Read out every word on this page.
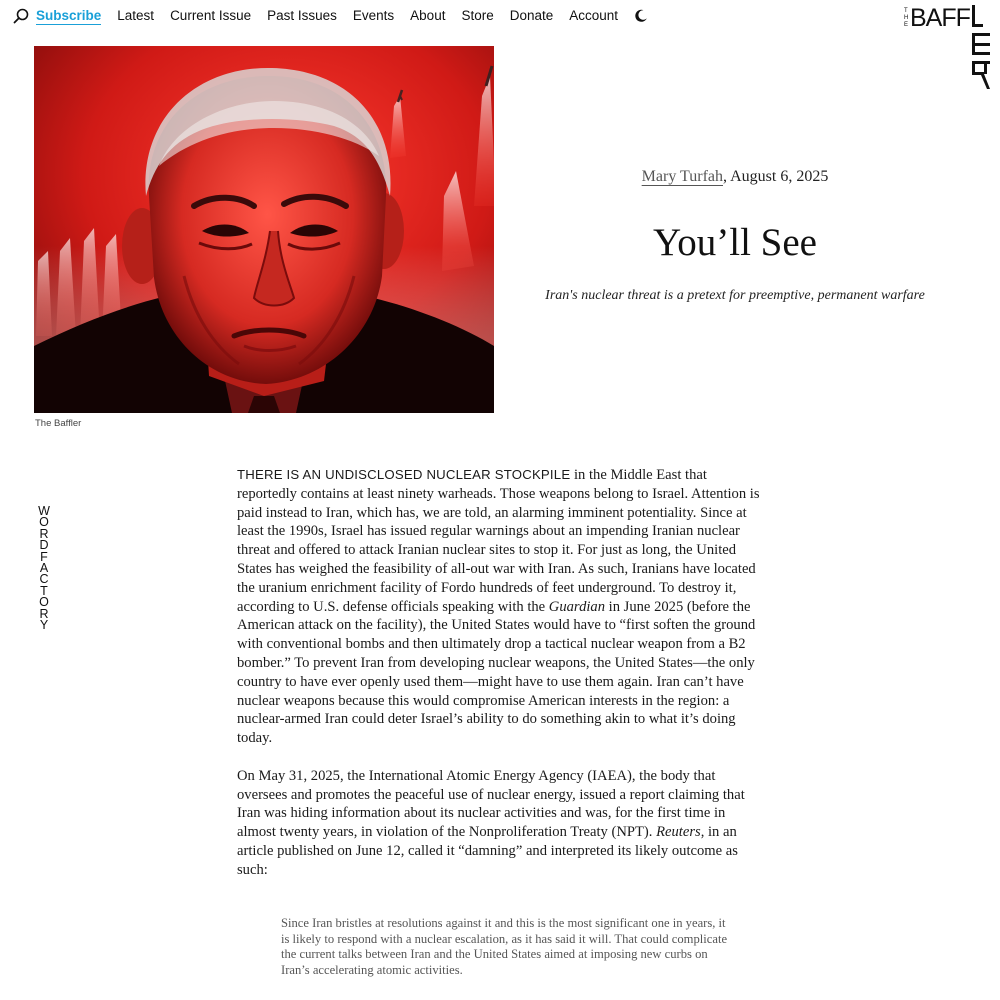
Subscribe Latest Current Issue Past Issues Events About Store Donate Account	T
H
E BAFF
The Baffler
Mary Turfah, August 6, 2025
You’ll See
Iran's nuclear threat is a pretext for preemptive, permanent warfare
W
O
R
D
F
A
C
T
O
R
Y

THERE IS AN UNDISCLOSED NUCLEAR STOCKPILE in the Middle East that reportedly contains at least ninety warheads. Those weapons belong to Israel. Attention is paid instead to Iran, which has, we are told, an alarming imminent potentiality. Since at least the 1990s, Israel has issued regular warnings about an impending Iranian nuclear threat and offered to attack Iranian nuclear sites to stop it. For just as long, the United States has weighed the feasibility of all-out war with Iran. As such, Iranians have located the uranium enrichment facility of Fordo hundreds of feet underground. To destroy it, according to U.S. defense officials speaking with the Guardian in June 2025 (before the American attack on the facility), the United States would have to “first soften the ground with conventional bombs and then ultimately drop a tactical nuclear weapon from a B2 bomber.” To prevent Iran from developing nuclear weapons, the United States—the only country to have ever openly used them—might have to use them again. Iran can’t have nuclear weapons because this would compromise American interests in the region: a nuclear-armed Iran could deter Israel’s ability to do something akin to what it’s doing today.

On May 31, 2025, the International Atomic Energy Agency (IAEA), the body that oversees and promotes the peaceful use of nuclear energy, issued a report claiming that Iran was hiding information about its nuclear activities and was, for the first time in almost twenty years, in violation of the Nonproliferation Treaty (NPT). Reuters, in an article published on June 12, called it “damning” and interpreted its likely outcome as such:

Since Iran bristles at resolutions against it and this is the most significant one in years, it is likely to respond with a nuclear escalation, as it has said it will. That could complicate the current talks between Iran and the United States aimed at imposing new curbs on Iran’s accelerating atomic activities.
